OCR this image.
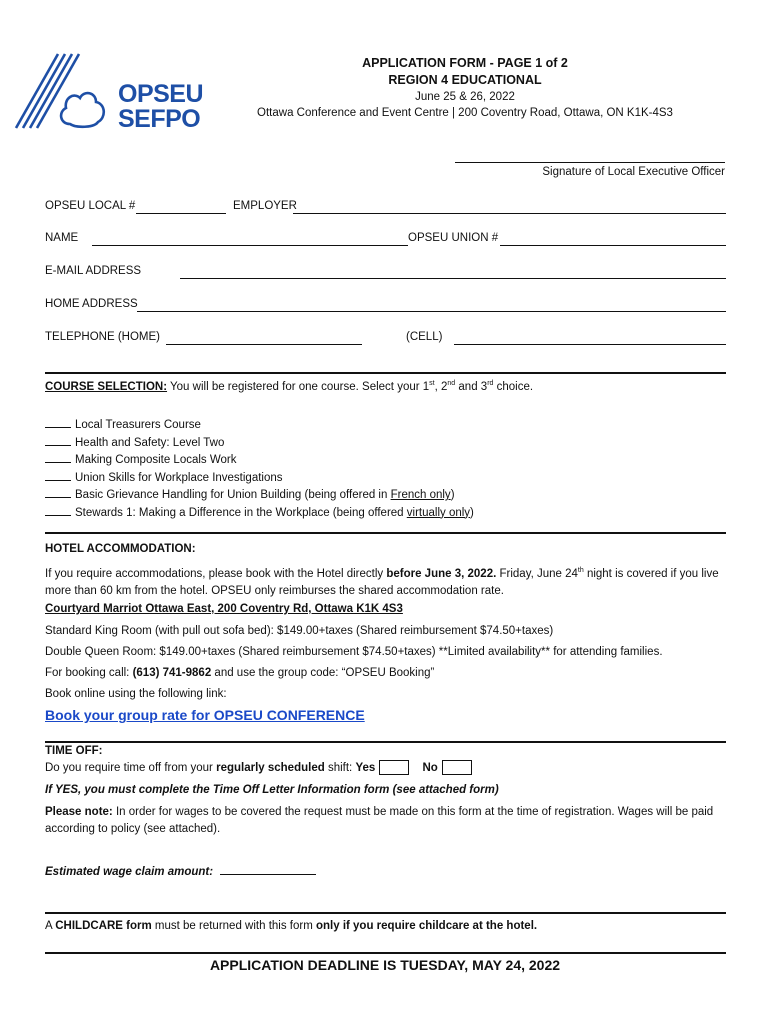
OPSEU
SEFPO
APPLICATION FORM - PAGE 1 of 2
REGION 4 EDUCATIONAL
June 25 & 26, 2022
Ottawa Conference and Event Centre | 200 Coventry Road, Ottawa, ON K1K-4S3
Signature of Local Executive Officer
OPSEU LOCAL #	EMPLOYER
NAME	OPSEU UNION #
E-MAIL ADDRESS
HOME ADDRESS
TELEPHONE (HOME)	(CELL)
COURSE SELECTION: You will be registered for one course. Select your 1st, 2nd and 3rd choice.
Local Treasurers Course
Health and Safety: Level Two
Making Composite Locals Work
Union Skills for Workplace Investigations
Basic Grievance Handling for Union Building (being offered in French only)
Stewards 1: Making a Difference in the Workplace (being offered virtually only)
HOTEL ACCOMMODATION:
If you require accommodations, please book with the Hotel directly before June 3, 2022. Friday, June 24th night is covered if you live more than 60 km from the hotel. OPSEU only reimburses the shared accommodation rate.
Courtyard Marriot Ottawa East, 200 Coventry Rd, Ottawa K1K 4S3
Standard King Room (with pull out sofa bed): $149.00+taxes (Shared reimbursement $74.50+taxes)
Double Queen Room: $149.00+taxes (Shared reimbursement $74.50+taxes) **Limited availability** for attending families.
For booking call: (613) 741-9862 and use the group code: “OPSEU Booking”
Book online using the following link:
Book your group rate for OPSEU CONFERENCE
TIME OFF:
Do you require time off from your regularly scheduled shift: Yes	No
If YES, you must complete the Time Off Letter Information form (see attached form)
Please note: In order for wages to be covered the request must be made on this form at the time of registration. Wages will be paid according to policy (see attached).
Estimated wage claim amount:
A CHILDCARE form must be returned with this form only if you require childcare at the hotel.
APPLICATION DEADLINE IS TUESDAY, MAY 24, 2022
